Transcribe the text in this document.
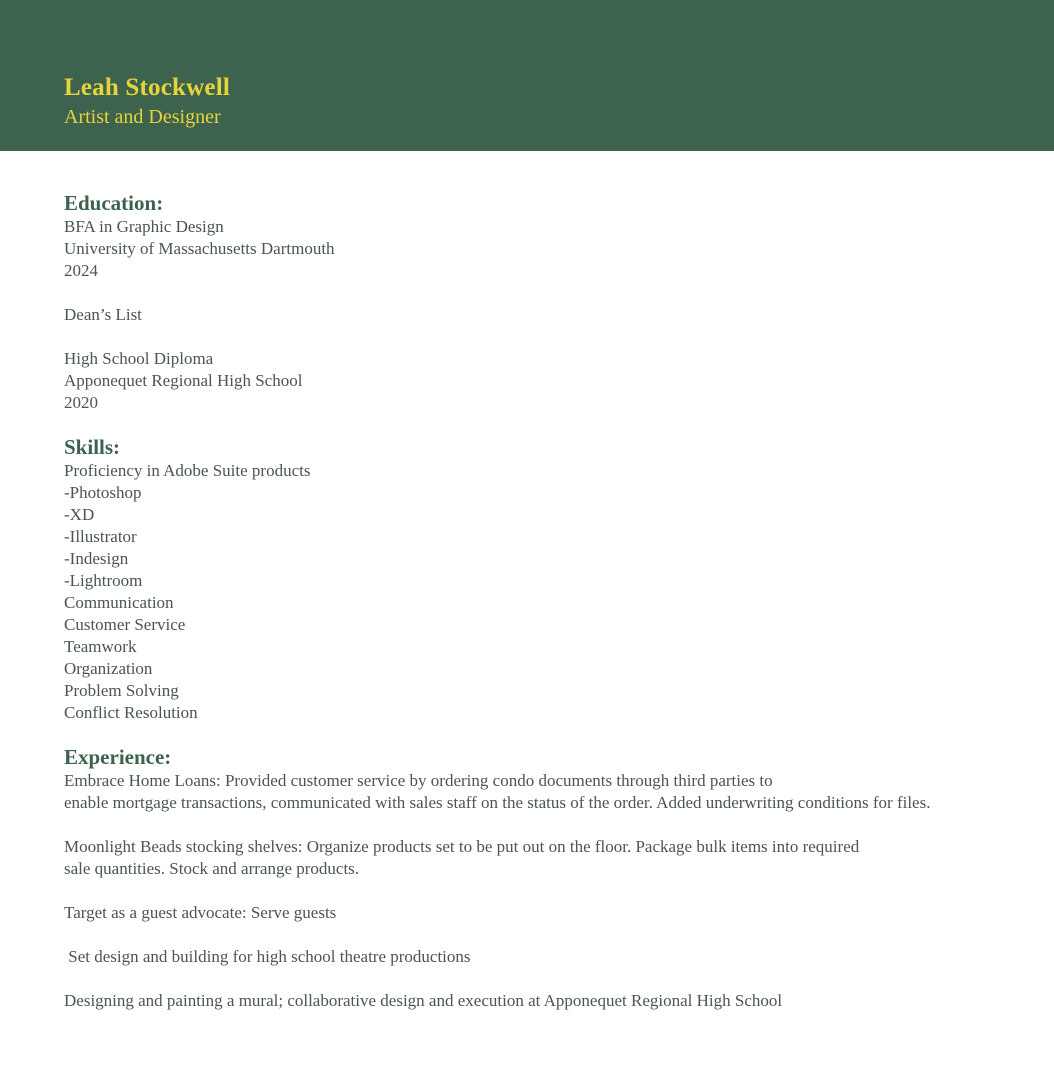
Leah Stockwell
Artist and Designer
Education:
BFA in Graphic Design
University of Massachusetts Dartmouth
2024
Dean’s List
High School Diploma
Apponequet Regional High School
2020
Skills:
Proficiency in Adobe Suite products
-Photoshop
-XD
-Illustrator
-Indesign
-Lightroom
Communication
Customer Service
Teamwork
Organization
Problem Solving
Conflict Resolution
Experience:
Embrace Home Loans: Provided customer service by ordering condo documents through third parties to
enable mortgage transactions, communicated with sales staff on the status of the order. Added underwriting conditions for files.
Moonlight Beads stocking shelves: Organize products set to be put out on the floor. Package bulk items into required
sale quantities. Stock and arrange products.
Target as a guest advocate: Serve guests
Set design and building for high school theatre productions
Designing and painting a mural; collaborative design and execution at Apponequet Regional High School
